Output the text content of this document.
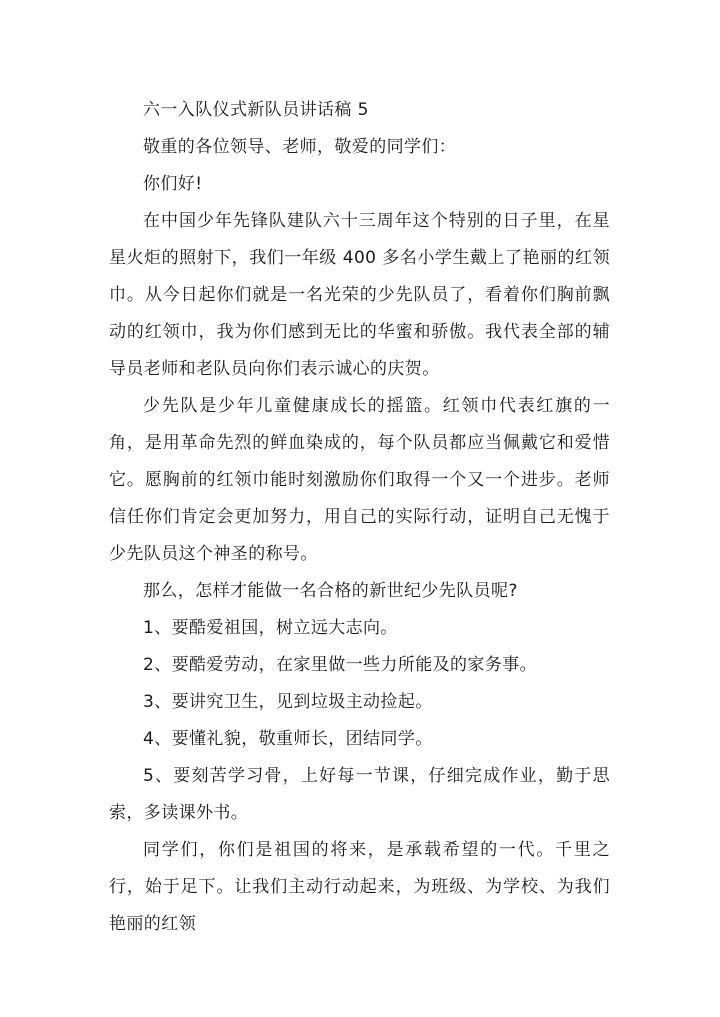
六一入队仪式新队员讲话稿 5

敬重的各位领导、老师，敬爱的同学们：

你们好!

在中国少年先锋队建队六十三周年这个特别的日子里，在星星火炬的照射下，我们一年级 400 多名小学生戴上了艳丽的红领巾。从今日起你们就是一名光荣的少先队员了，看着你们胸前飘动的红领巾，我为你们感到无比的华蜜和骄傲。我代表全部的辅导员老师和老队员向你们表示诚心的庆贺。

少先队是少年儿童健康成长的摇篮。红领巾代表红旗的一角，是用革命先烈的鲜血染成的，每个队员都应当佩戴它和爱惜它。愿胸前的红领巾能时刻激励你们取得一个又一个进步。老师信任你们肯定会更加努力，用自己的实际行动，证明自己无愧于少先队员这个神圣的称号。

那么，怎样才能做一名合格的新世纪少先队员呢?

1、要酷爱祖国，树立远大志向。

2、要酷爱劳动，在家里做一些力所能及的家务事。

3、要讲究卫生，见到垃圾主动捡起。

4、要懂礼貌，敬重师长，团结同学。

5、要刻苦学习骨，上好每一节课，仔细完成作业，勤于思索，多读课外书。

同学们，你们是祖国的将来，是承载希望的一代。千里之行，始于足下。让我们主动行动起来，为班级、为学校、为我们艳丽的红领
